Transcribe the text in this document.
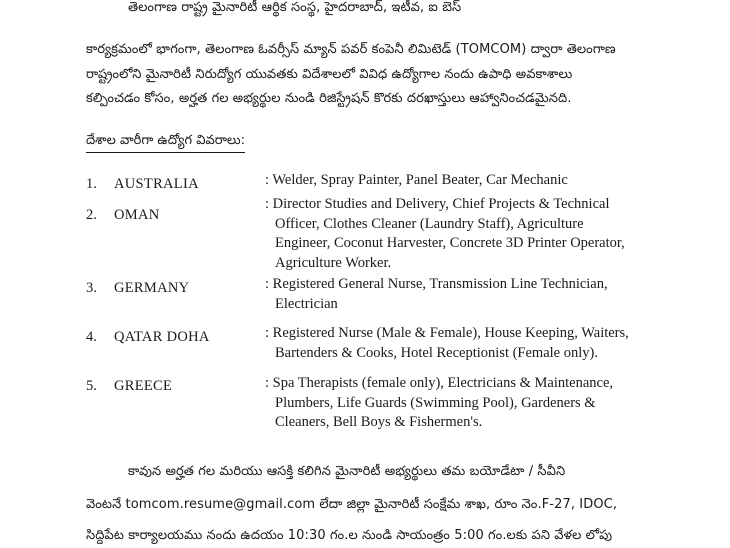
తెలంగాణ రాష్ట్ర మైనారిటీ ఆర్థిక సంస్థ, హైదరాబాద్, ఇటీవ, ఐ బెస్
కార్యక్రమంలో భాగంగా, తెలంగాణ ఓవర్సీస్ మ్యాన్ పవర్ కంపెనీ లిమిటెడ్ (TOMCOM) ద్వారా తెలంగాణ
రాష్ట్రంలోని మైనారిటీ నిరుద్యోగ యువతకు విదేశాలలో వివిధ ఉద్యోగాల నందు ఉపాధి అవకాశాలు
కల్పించడం కోసం, అర్హత గల అభ్యర్థుల నుండి రిజిస్ట్రేషన్ కొరకు దరఖాస్తులు ఆహ్వానించడమైనది.
దేశాల వారీగా ఉద్యోగ వివరాలు:
1. AUSTRALIA	: Welder, Spray Painter, Panel Beater, Car Mechanic
2. OMAN
: Director Studies and Delivery, Chief Projects & Technical
Officer, Clothes Cleaner (Laundry Staff), Agriculture
Engineer, Coconut Harvester, Concrete 3D Printer Operator,
Agriculture Worker.
3. GERMANY	: Registered General Nurse, Transmission Line Technician,
Electrician
4. QATAR DOHA	: Registered Nurse (Male & Female), House Keeping, Waiters,
Bartenders & Cooks, Hotel Receptionist (Female only).
5. GREECE	: Spa Therapists (female only), Electricians & Maintenance,
Plumbers, Life Guards (Swimming Pool), Gardeners &
Cleaners, Bell Boys & Fishermen's.
కావున అర్హత గల మరియు ఆసక్తి కలిగిన మైనారిటీ అభ్యర్థులు తమ బయోడేటా / సీవీని
వెంటనే tomcom.resume@gmail.com లేదా జిల్లా మైనారిటీ సంక్షేమ శాఖ, రూం నెం.F-27, IDOC,
సిద్దిపేట కార్యాలయము నందు ఉదయం 10:30 గం.ల నుండి సాయంత్రం 5:00 గం.లకు పని వేళల లోపు
